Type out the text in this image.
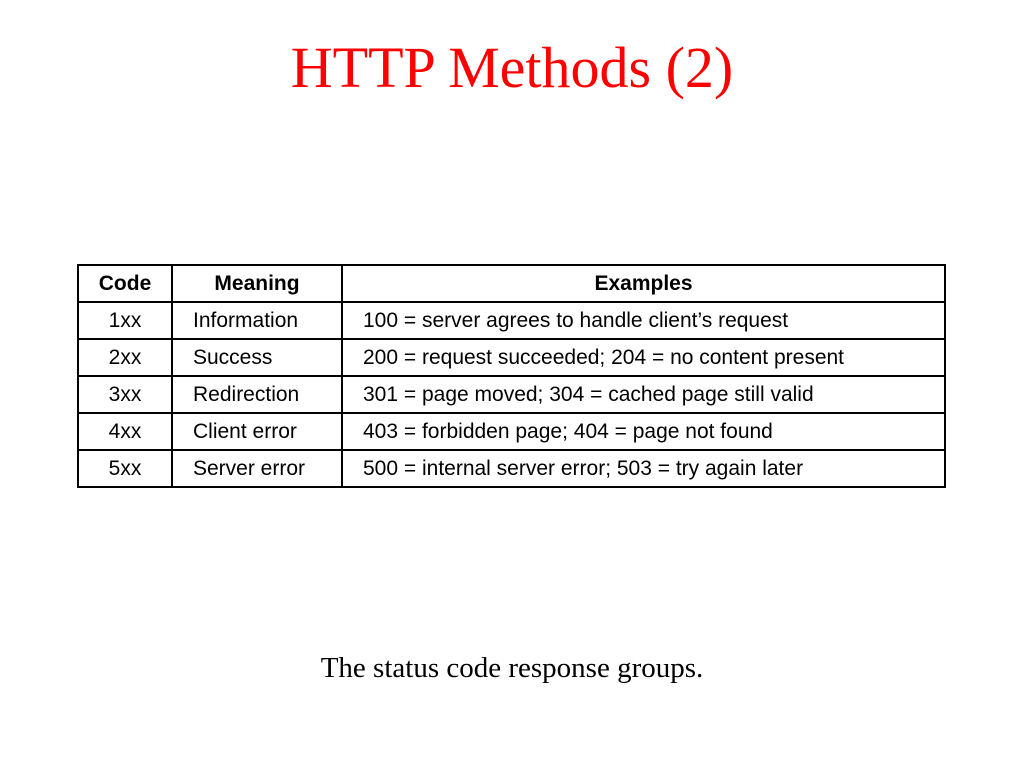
HTTP Methods (2)
Code	Meaning	Examples
1xx	Information	100 = server agrees to handle client’s request
2xx	Success	200 = request succeeded; 204 = no content present
3xx	Redirection	301 = page moved; 304 = cached page still valid
4xx	Client error	403 = forbidden page; 404 = page not found
5xx	Server error	500 = internal server error; 503 = try again later
The status code response groups.
